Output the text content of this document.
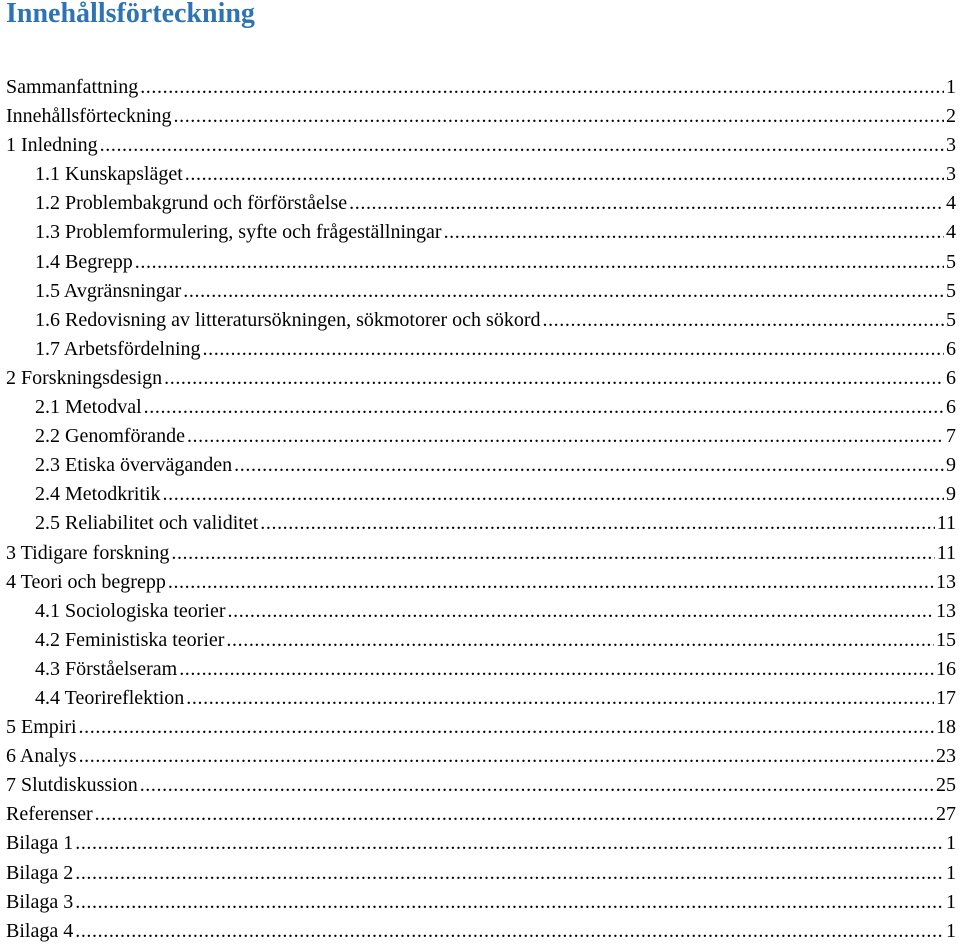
Innehållsförteckning
Sammanfattning .....	1
Innehållsförteckning .....	2
1 Inledning .....	3
1.1 Kunskapsläget .....	3
1.2 Problembakgrund och förförståelse .....	4
1.3 Problemformulering, syfte och frågeställningar .....	4
1.4 Begrepp .....	5
1.5 Avgränsningar .....	5
1.6 Redovisning av litteratursökningen, sökmotorer och sökord .....	5
1.7 Arbetsfördelning .....	6
2 Forskningsdesign .....	6
2.1 Metodval .....	6
2.2 Genomförande .....	7
2.3 Etiska överväganden .....	9
2.4 Metodkritik .....	9
2.5 Reliabilitet och validitet .....	11
3 Tidigare forskning .....	11
4 Teori och begrepp .....	13
4.1 Sociologiska teorier .....	13
4.2 Feministiska teorier .....	15
4.3 Förståelseram .....	16
4.4 Teorireflektion .....	17
5 Empiri .....	18
6 Analys .....	23
7 Slutdiskussion .....	25
Referenser .....	27
Bilaga 1 .....	1
Bilaga 2 .....	1
Bilaga 3 .....	1
Bilaga 4 .....	1
